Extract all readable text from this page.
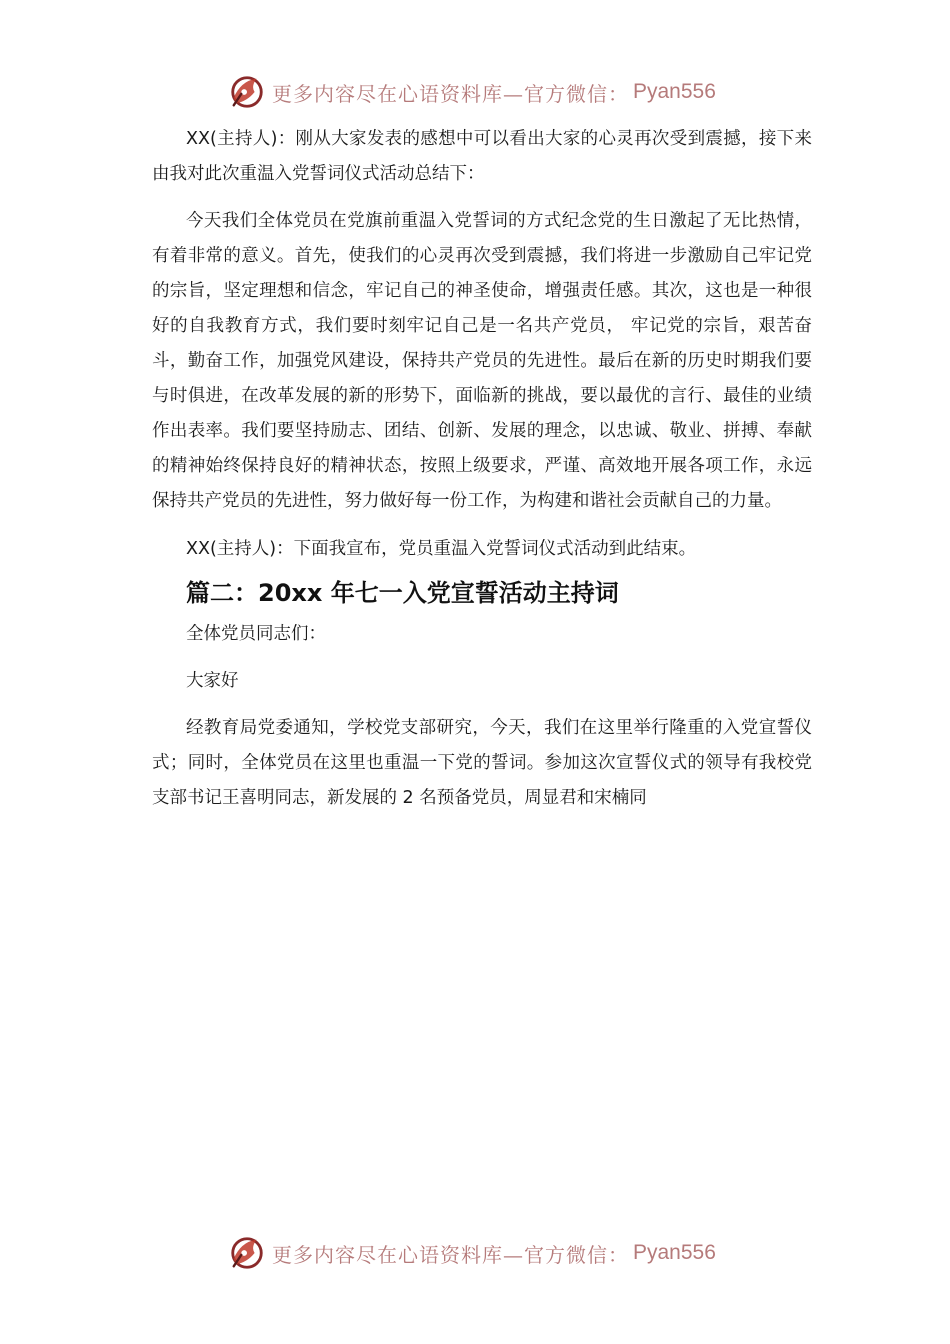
更多内容尽在心语资料库—官方微信： Pyan556

XX(主持人)：刚从大家发表的感想中可以看出大家的心灵再次受到震撼，接下来由我对此次重温入党誓词仪式活动总结下：

今天我们全体党员在党旗前重温入党誓词的方式纪念党的生日激起了无比热情，有着非常的意义。首先，使我们的心灵再次受到震撼，我们将进一步激励自己牢记党的宗旨，坚定理想和信念，牢记自己的神圣使命，增强责任感。其次，这也是一种很好的自我教育方式，我们要时刻牢记自己是一名共产党员， 牢记党的宗旨，艰苦奋斗，勤奋工作，加强党风建设，保持共产党员的先进性。最后在新的历史时期我们要与时俱进，在改革发展的新的形势下，面临新的挑战，要以最优的言行、最佳的业绩作出表率。我们要坚持励志、团结、创新、发展的理念，以忠诚、敬业、拼搏、奉献的精神始终保持良好的精神状态，按照上级要求，严谨、高效地开展各项工作，永远保持共产党员的先进性，努力做好每一份工作，为构建和谐社会贡献自己的力量。

XX(主持人)：下面我宣布，党员重温入党誓词仪式活动到此结束。

篇二：20xx 年七一入党宣誓活动主持词

全体党员同志们：

大家好

经教育局党委通知，学校党支部研究，今天，我们在这里举行隆重的入党宣誓仪式；同时，全体党员在这里也重温一下党的誓词。参加这次宣誓仪式的领导有我校党支部书记王喜明同志，新发展的 2 名预备党员，周显君和宋楠同

更多内容尽在心语资料库—官方微信： Pyan556
